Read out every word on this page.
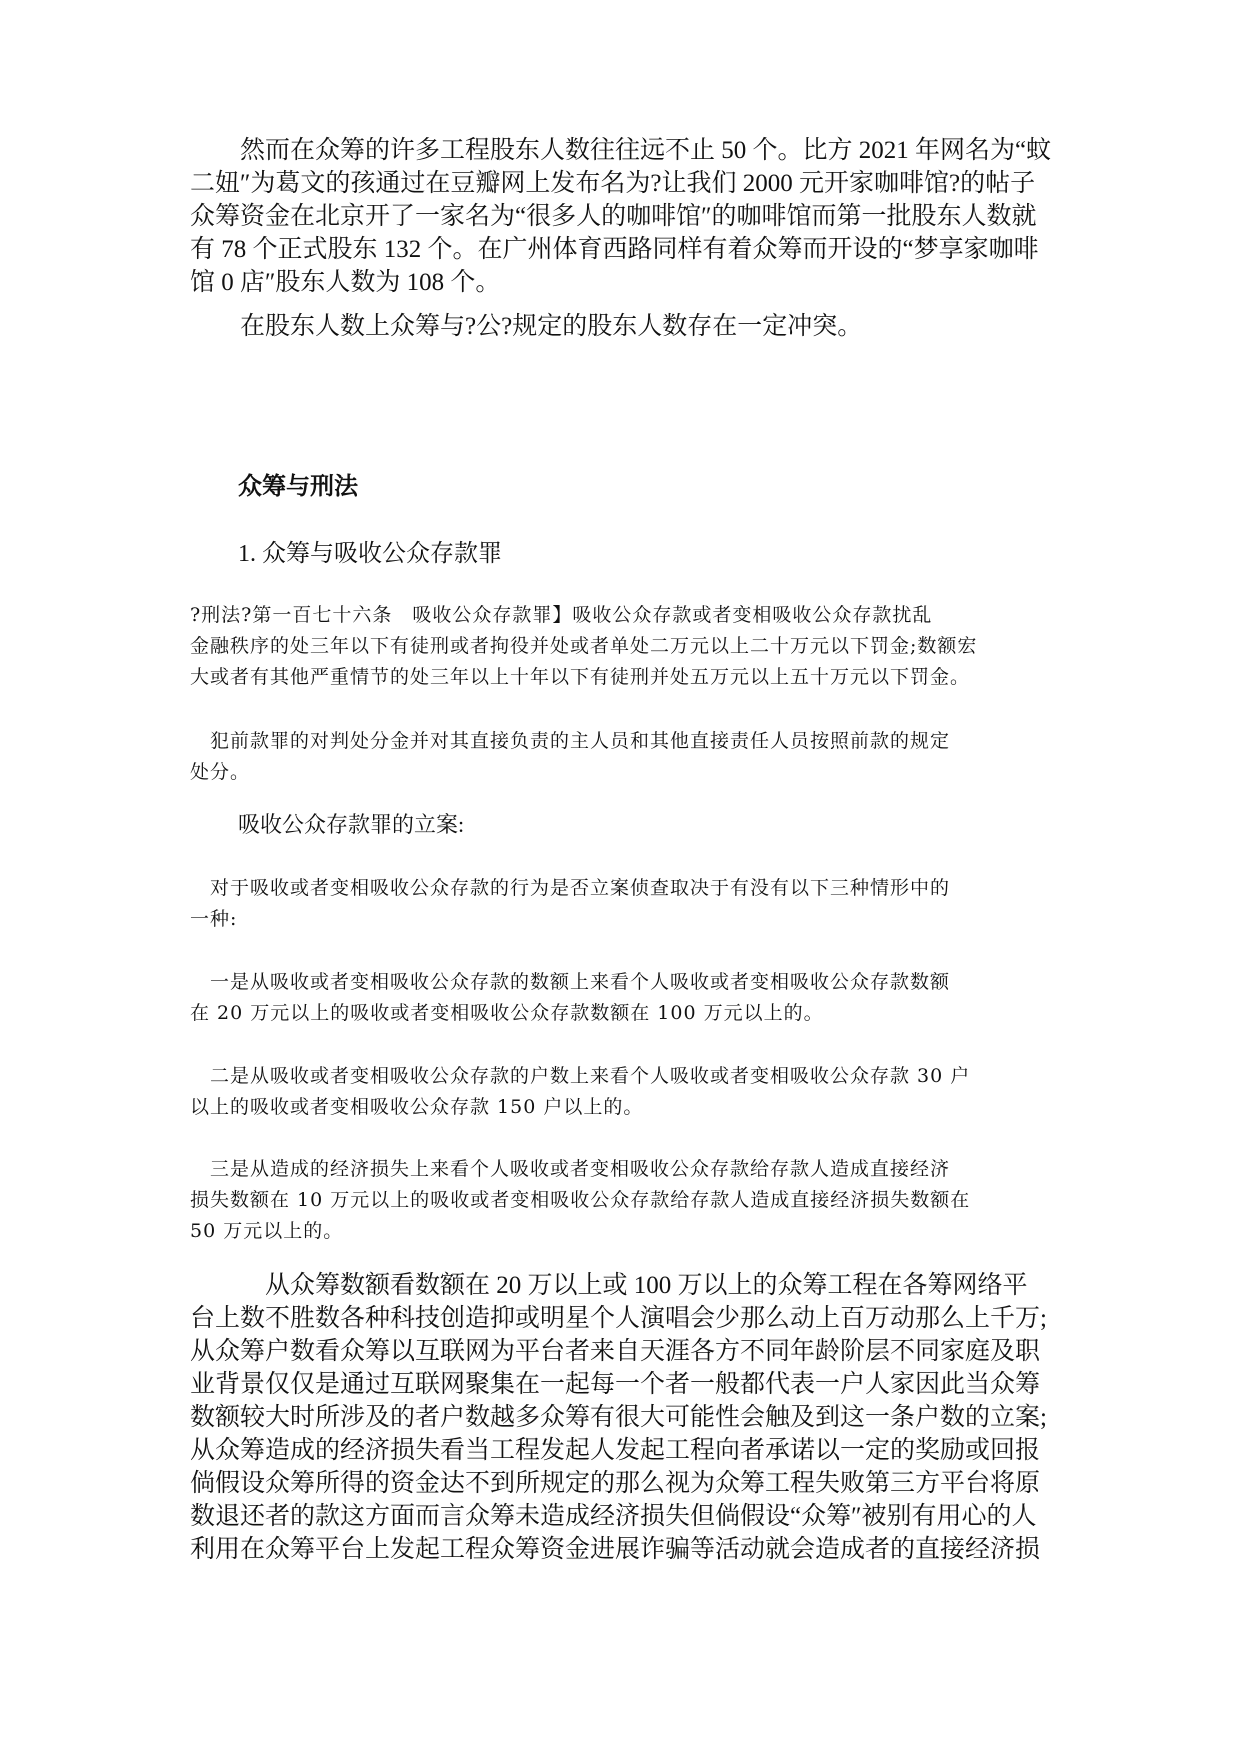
　　然而在众筹的许多工程股东人数往往远不止 50 个。比方 2021 年网名为“蚊
二妞″为葛文的孩通过在豆瓣网上发布名为?让我们 2000 元开家咖啡馆?的帖子
众筹资金在北京开了一家名为“很多人的咖啡馆″的咖啡馆而第一批股东人数就
有 78 个正式股东 132 个。在广州体育西路同样有着众筹而开设的“梦享家咖啡
馆 0 店″股东人数为 108 个。

　　在股东人数上众筹与?公?规定的股东人数存在一定冲突。

众筹与刑法
1. 众筹与吸收公众存款罪

?刑法?第一百七十六条　吸收公众存款罪】吸收公众存款或者变相吸收公众存款扰乱
金融秩序的处三年以下有徒刑或者拘役并处或者单处二万元以上二十万元以下罚金;数额宏
大或者有其他严重情节的处三年以上十年以下有徒刑并处五万元以上五十万元以下罚金。

　犯前款罪的对判处分金并对其直接负责的主人员和其他直接责任人员按照前款的规定
处分。

吸收公众存款罪的立案:

　对于吸收或者变相吸收公众存款的行为是否立案侦查取决于有没有以下三种情形中的
一种:

　一是从吸收或者变相吸收公众存款的数额上来看个人吸收或者变相吸收公众存款数额
在 20 万元以上的吸收或者变相吸收公众存款数额在 100 万元以上的。

　二是从吸收或者变相吸收公众存款的户数上来看个人吸收或者变相吸收公众存款 30 户
以上的吸收或者变相吸收公众存款 150 户以上的。

　三是从造成的经济损失上来看个人吸收或者变相吸收公众存款给存款人造成直接经济
损失数额在 10 万元以上的吸收或者变相吸收公众存款给存款人造成直接经济损失数额在
50 万元以上的。

　　　从众筹数额看数额在 20 万以上或 100 万以上的众筹工程在各筹网络平
台上数不胜数各种科技创造抑或明星个人演唱会少那么动上百万动那么上千万;
从众筹户数看众筹以互联网为平台者来自天涯各方不同年龄阶层不同家庭及职
业背景仅仅是通过互联网聚集在一起每一个者一般都代表一户人家因此当众筹
数额较大时所涉及的者户数越多众筹有很大可能性会触及到这一条户数的立案;
从众筹造成的经济损失看当工程发起人发起工程向者承诺以一定的奖励或回报
倘假设众筹所得的资金达不到所规定的那么视为众筹工程失败第三方平台将原
数退还者的款这方面而言众筹未造成经济损失但倘假设“众筹″被别有用心的人
利用在众筹平台上发起工程众筹资金进展诈骗等活动就会造成者的直接经济损
